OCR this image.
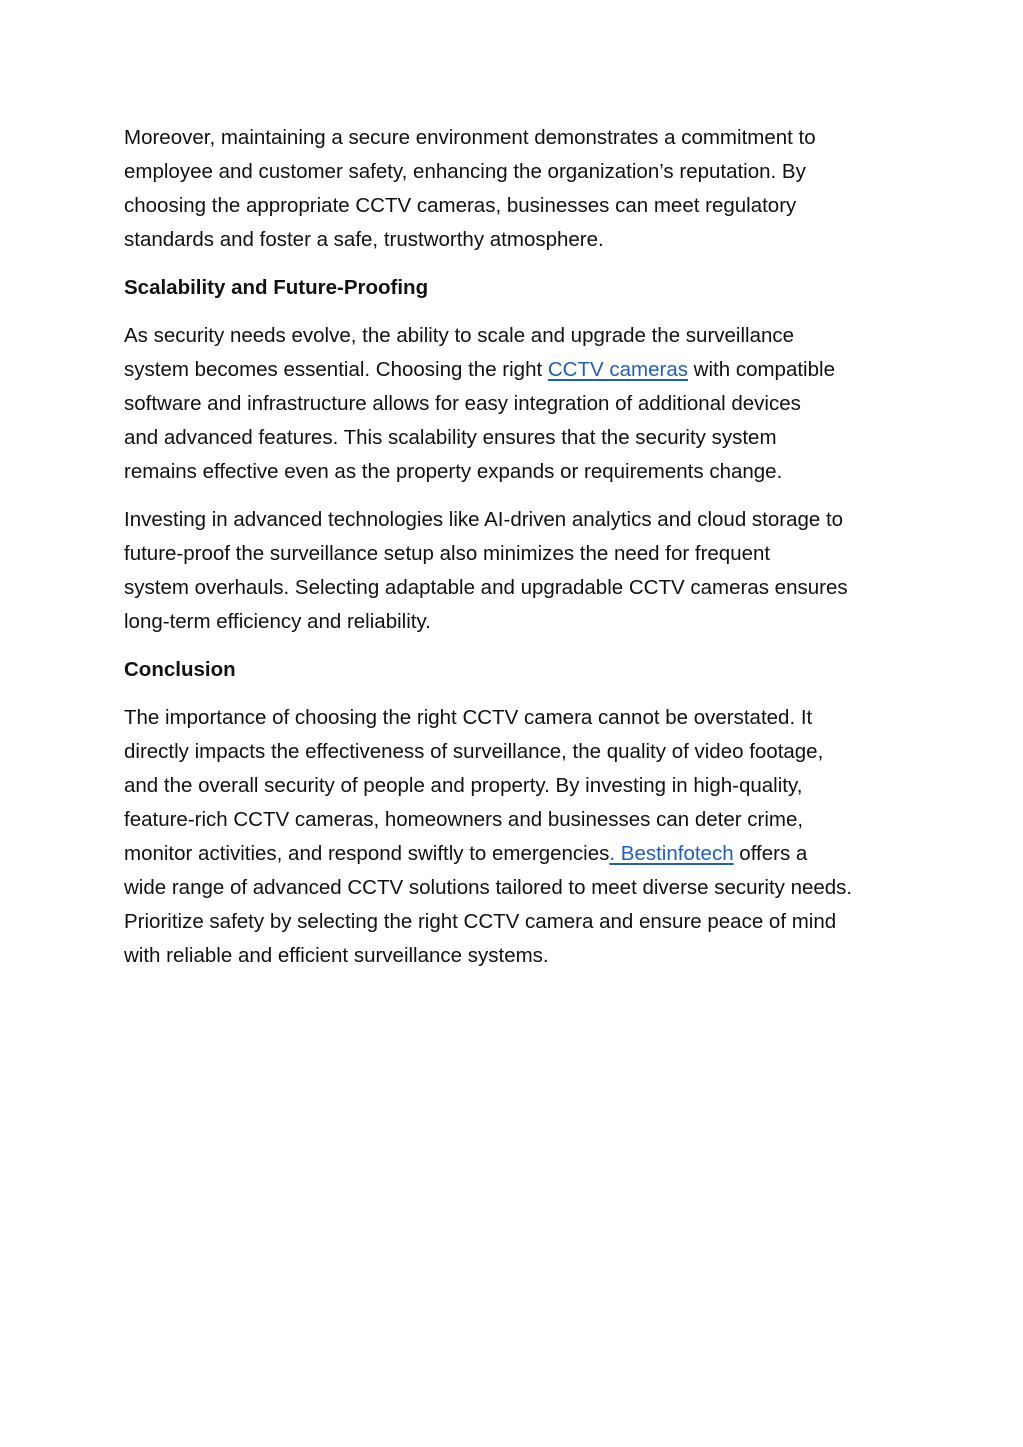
Moreover, maintaining a secure environment demonstrates a commitment to
employee and customer safety, enhancing the organization’s reputation. By
choosing the appropriate CCTV cameras, businesses can meet regulatory
standards and foster a safe, trustworthy atmosphere.

Scalability and Future-Proofing

As security needs evolve, the ability to scale and upgrade the surveillance
system becomes essential. Choosing the right CCTV cameras with compatible
software and infrastructure allows for easy integration of additional devices
and advanced features. This scalability ensures that the security system
remains effective even as the property expands or requirements change.

Investing in advanced technologies like AI-driven analytics and cloud storage to
future-proof the surveillance setup also minimizes the need for frequent
system overhauls. Selecting adaptable and upgradable CCTV cameras ensures
long-term efficiency and reliability.

Conclusion

The importance of choosing the right CCTV camera cannot be overstated. It
directly impacts the effectiveness of surveillance, the quality of video footage,
and the overall security of people and property. By investing in high-quality,
feature-rich CCTV cameras, homeowners and businesses can deter crime,
monitor activities, and respond swiftly to emergencies. Bestinfotech offers a
wide range of advanced CCTV solutions tailored to meet diverse security needs.
Prioritize safety by selecting the right CCTV camera and ensure peace of mind
with reliable and efficient surveillance systems.
